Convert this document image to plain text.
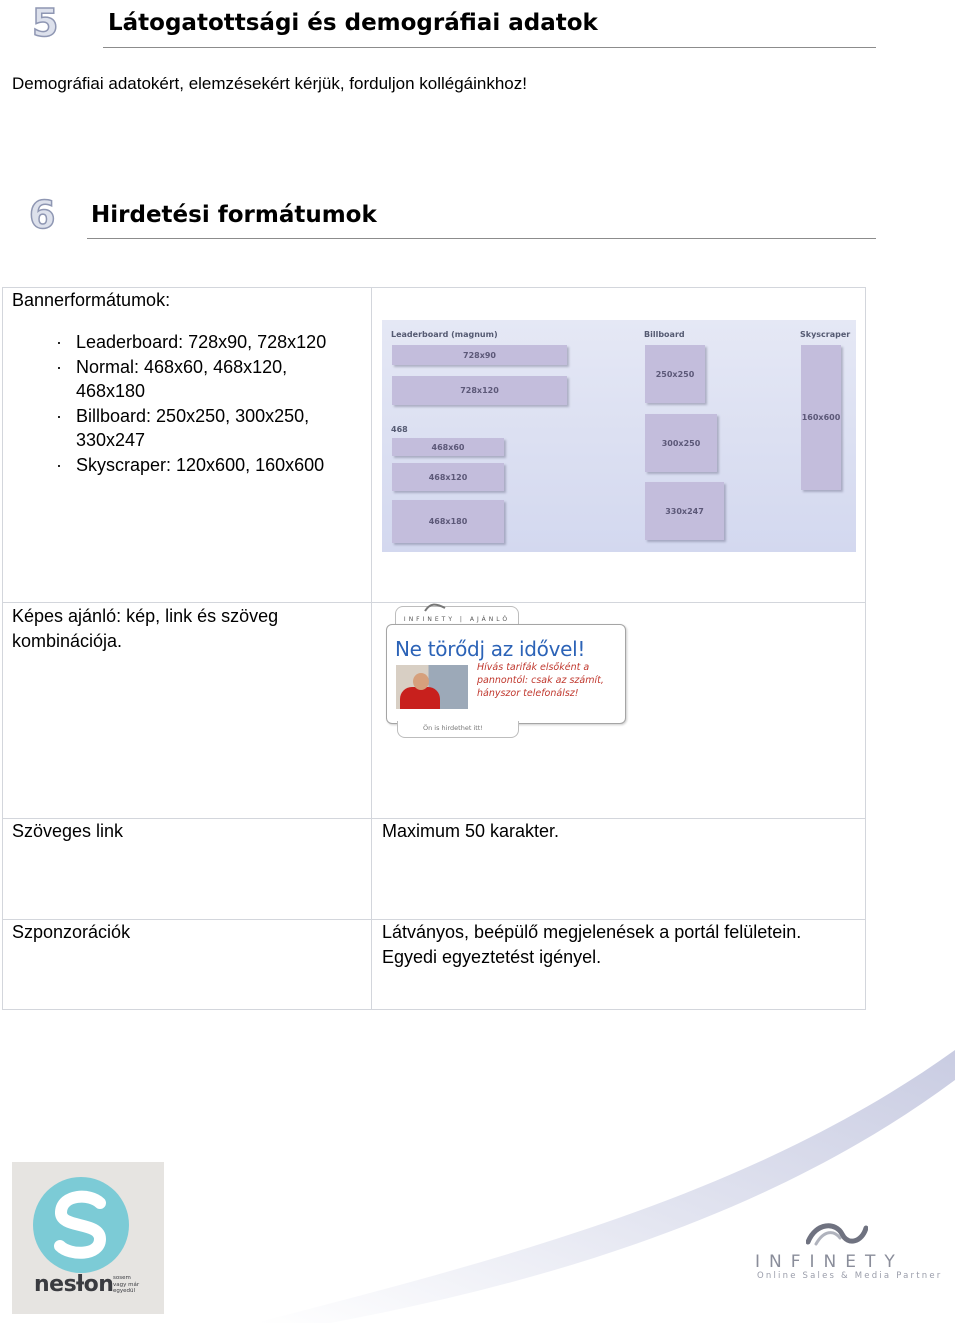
5 Látogatottsági és demográfiai adatok
Demográfiai adatokért, elemzésekért kérjük, forduljon kollégáinkhoz!
6 Hirdetési formátumok
Bannerformátumok:
· Leaderboard: 728x90, 728x120
· Normal: 468x60, 468x120, 468x180
· Billboard: 250x250, 300x250, 330x247
· Skyscraper: 120x600, 160x600
Leaderboard (magnum)	Billboard	Skyscraper
468
728x90
728x120
468x60
468x120
468x180
250x250
300x250
330x247
160x600
Képes ajánló: kép, link és szöveg kombinációja.
INFINETY | AJÁNLÓ
Ne törődj az idővel!
Hívás tarifák elsőként a
pannontól: csak az számít,
hányszor telefonálsz!
Ön is hirdethet itt!
Szöveges link	Maximum 50 karakter.
Szponzorációk	Látványos, beépülő megjelenések a portál felületein.
Egyedi egyeztetést igényel.
nesƚon sosem
vagy már
egyedül
INFINETY
Online Sales & Media Partner
